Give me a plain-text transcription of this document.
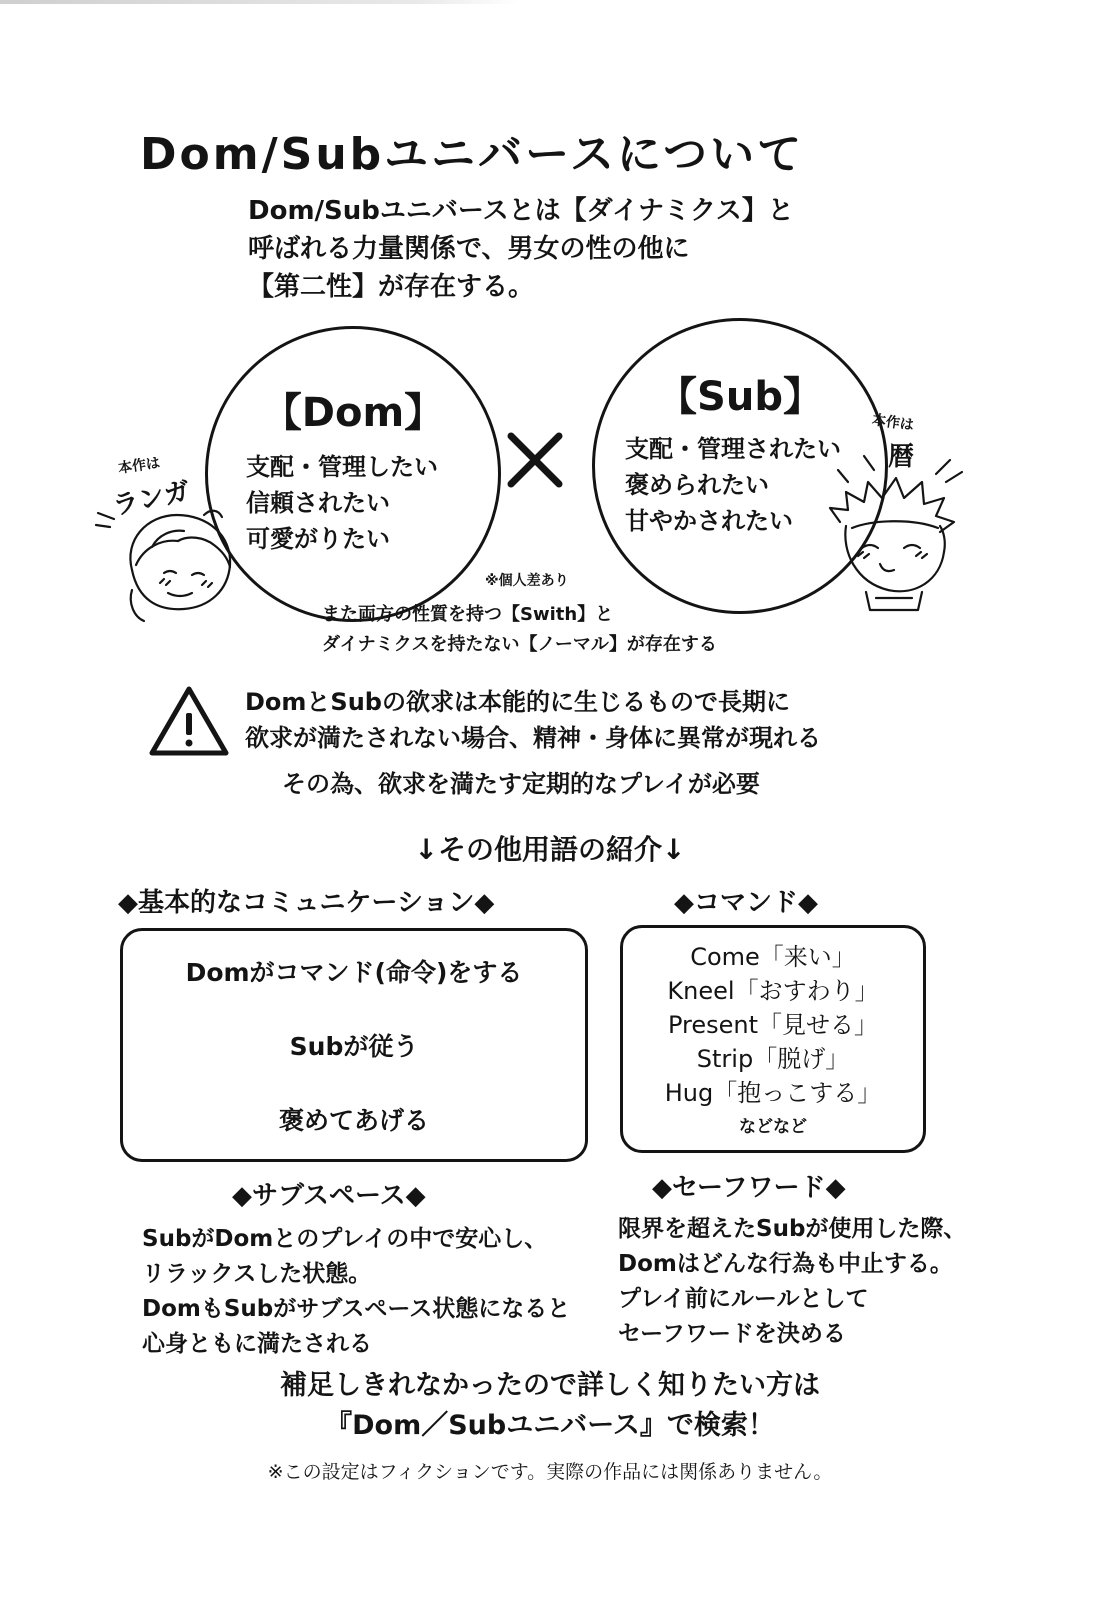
Dom/Subユニバースについて
Dom/Subユニバースとは【ダイナミクス】と
呼ばれる力量関係で、男女の性の他に
【第二性】が存在する。
【Dom】
支配・管理したい
信頼されたい
可愛がりたい
【Sub】
支配・管理されたい
褒められたい
甘やかされたい
※個人差あり
本作は
ランガ
本作は
暦
また両方の性質を持つ【Swith】と
ダイナミクスを持たない【ノーマル】が存在する
DomとSubの欲求は本能的に生じるもので長期に
欲求が満たされない場合、精神・身体に異常が現れる
その為、欲求を満たす定期的なプレイが必要
↓その他用語の紹介↓
◆基本的なコミュニケーション◆
Domがコマンド(命令)をする
Subが従う
褒めてあげる
◆コマンド◆
Come「来い」
Kneel「おすわり」
Present「見せる」
Strip「脱げ」
Hug「抱っこする」
などなど
◆サブスペース◆
SubがDomとのプレイの中で安心し、
リラックスした状態。
DomもSubがサブスペース状態になると
心身ともに満たされる
◆セーフワード◆
限界を超えたSubが使用した際、
Domはどんな行為も中止する。
プレイ前にルールとして
セーフワードを決める
補足しきれなかったので詳しく知りたい方は
『Dom／Subユニバース』で検索！
※この設定はフィクションです。実際の作品には関係ありません。
